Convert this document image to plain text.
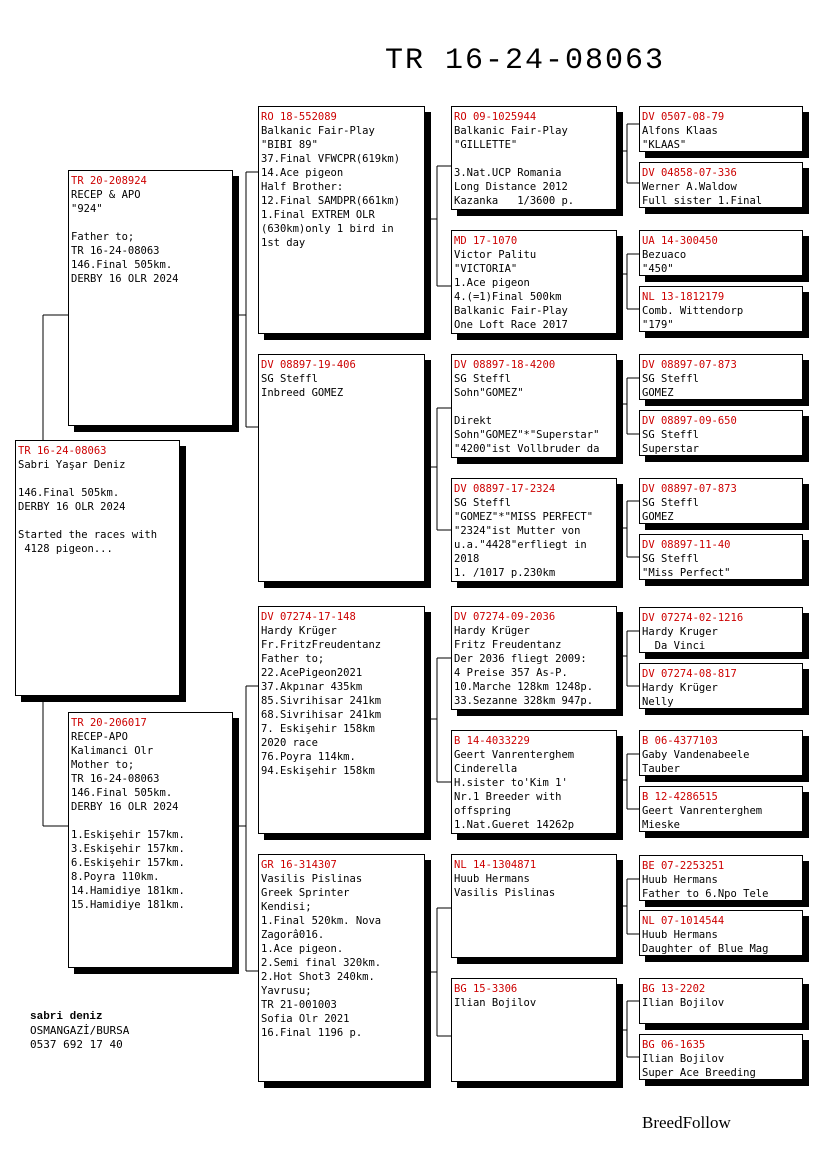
TR 16-24-08063
TR 16-24-08063
Sabri Yaşar Deniz
146.Final 505km.
DERBY 16 OLR 2024
Started the races with
4128 pigeon...
TR 20-208924
RECEP & APO
"924"
Father to;
TR 16-24-08063
146.Final 505km.
DERBY 16 OLR 2024
TR 20-206017
RECEP-APO
Kalimanci Olr
Mother to;
TR 16-24-08063
146.Final 505km.
DERBY 16 OLR 2024
1.Eskişehir 157km.
3.Eskişehir 157km.
6.Eskişehir 157km.
8.Poyra 110km.
14.Hamidiye 181km.
15.Hamidiye 181km.
RO 18-552089
Balkanic Fair-Play
"BIBI 89"
37.Final VFWCPR(619km)
14.Ace pigeon
Half Brother:
12.Final SAMDPR(661km)
1.Final EXTREM OLR
(630km)only 1 bird in
1st day
DV 08897-19-406
SG Steffl
Inbreed GOMEZ
DV 07274-17-148
Hardy Krüger
Fr.FritzFreudentanz
Father to;
22.AcePigeon2021
37.Akpınar 435km
85.Sivrihisar 241km
68.Sivrihisar 241km
7. Eskişehir 158km
2020 race
76.Poyra 114km.
94.Eskişehir 158km
GR 16-314307
Vasilis Pislinas
Greek Sprinter
Kendisi;
1.Final 520km. Nova
Zagorâ016.
1.Ace pigeon.
2.Semi final 320km.
2.Hot Shot3 240km.
Yavrusu;
TR 21-001003
Sofia Olr 2021
16.Final 1196 p.
RO 09-1025944
Balkanic Fair-Play
"GILLETTE"
3.Nat.UCP Romania
Long Distance 2012
Kazanka   1/3600 p.
MD 17-1070
Victor Palitu
"VICTORIA"
1.Ace pigeon
4.(=1)Final 500km
Balkanic Fair-Play
One Loft Race 2017
DV 08897-18-4200
SG Steffl
Sohn"GOMEZ"
Direkt
Sohn"GOMEZ"*"Superstar"
"4200"ist Vollbruder da
DV 08897-17-2324
SG Steffl
"GOMEZ"*"MISS PERFECT"
"2324"ist Mutter von
u.a."4428"erfliegt in
2018
1. /1017 p.230km
DV 07274-09-2036
Hardy Krüger
Fritz Freudentanz
Der 2036 fliegt 2009:
4 Preise 357 As-P.
10.Marche 128km 1248p.
33.Sezanne 328km 947p.
B 14-4033229
Geert Vanrenterghem
Cinderella
H.sister to'Kim 1'
Nr.1 Breeder with
offspring
1.Nat.Gueret 14262p
NL 14-1304871
Huub Hermans
Vasilis Pislinas
BG 15-3306
Ilian Bojilov
DV 0507-08-79
Alfons Klaas
"KLAAS"
DV 04858-07-336
Werner A.Waldow
Full sister 1.Final
UA 14-300450
Bezuaco
"450"
NL 13-1812179
Comb. Wittendorp
"179"
DV 08897-07-873
SG Steffl
GOMEZ
DV 08897-09-650
SG Steffl
Superstar
DV 08897-07-873
SG Steffl
GOMEZ
DV 08897-11-40
SG Steffl
"Miss Perfect"
DV 07274-02-1216
Hardy Kruger
Da Vinci
DV 07274-08-817
Hardy Krüger
Nelly
B 06-4377103
Gaby Vandenabeele
Tauber
B 12-4286515
Geert Vanrenterghem
Mieske
BE 07-2253251
Huub Hermans
Father to 6.Npo Tele
NL 07-1014544
Huub Hermans
Daughter of Blue Mag
BG 13-2202
Ilian Bojilov
BG 06-1635
Ilian Bojilov
Super Ace Breeding
sabri deniz
OSMANGAZİ/BURSA
0537 692 17 40
BreedFollow
